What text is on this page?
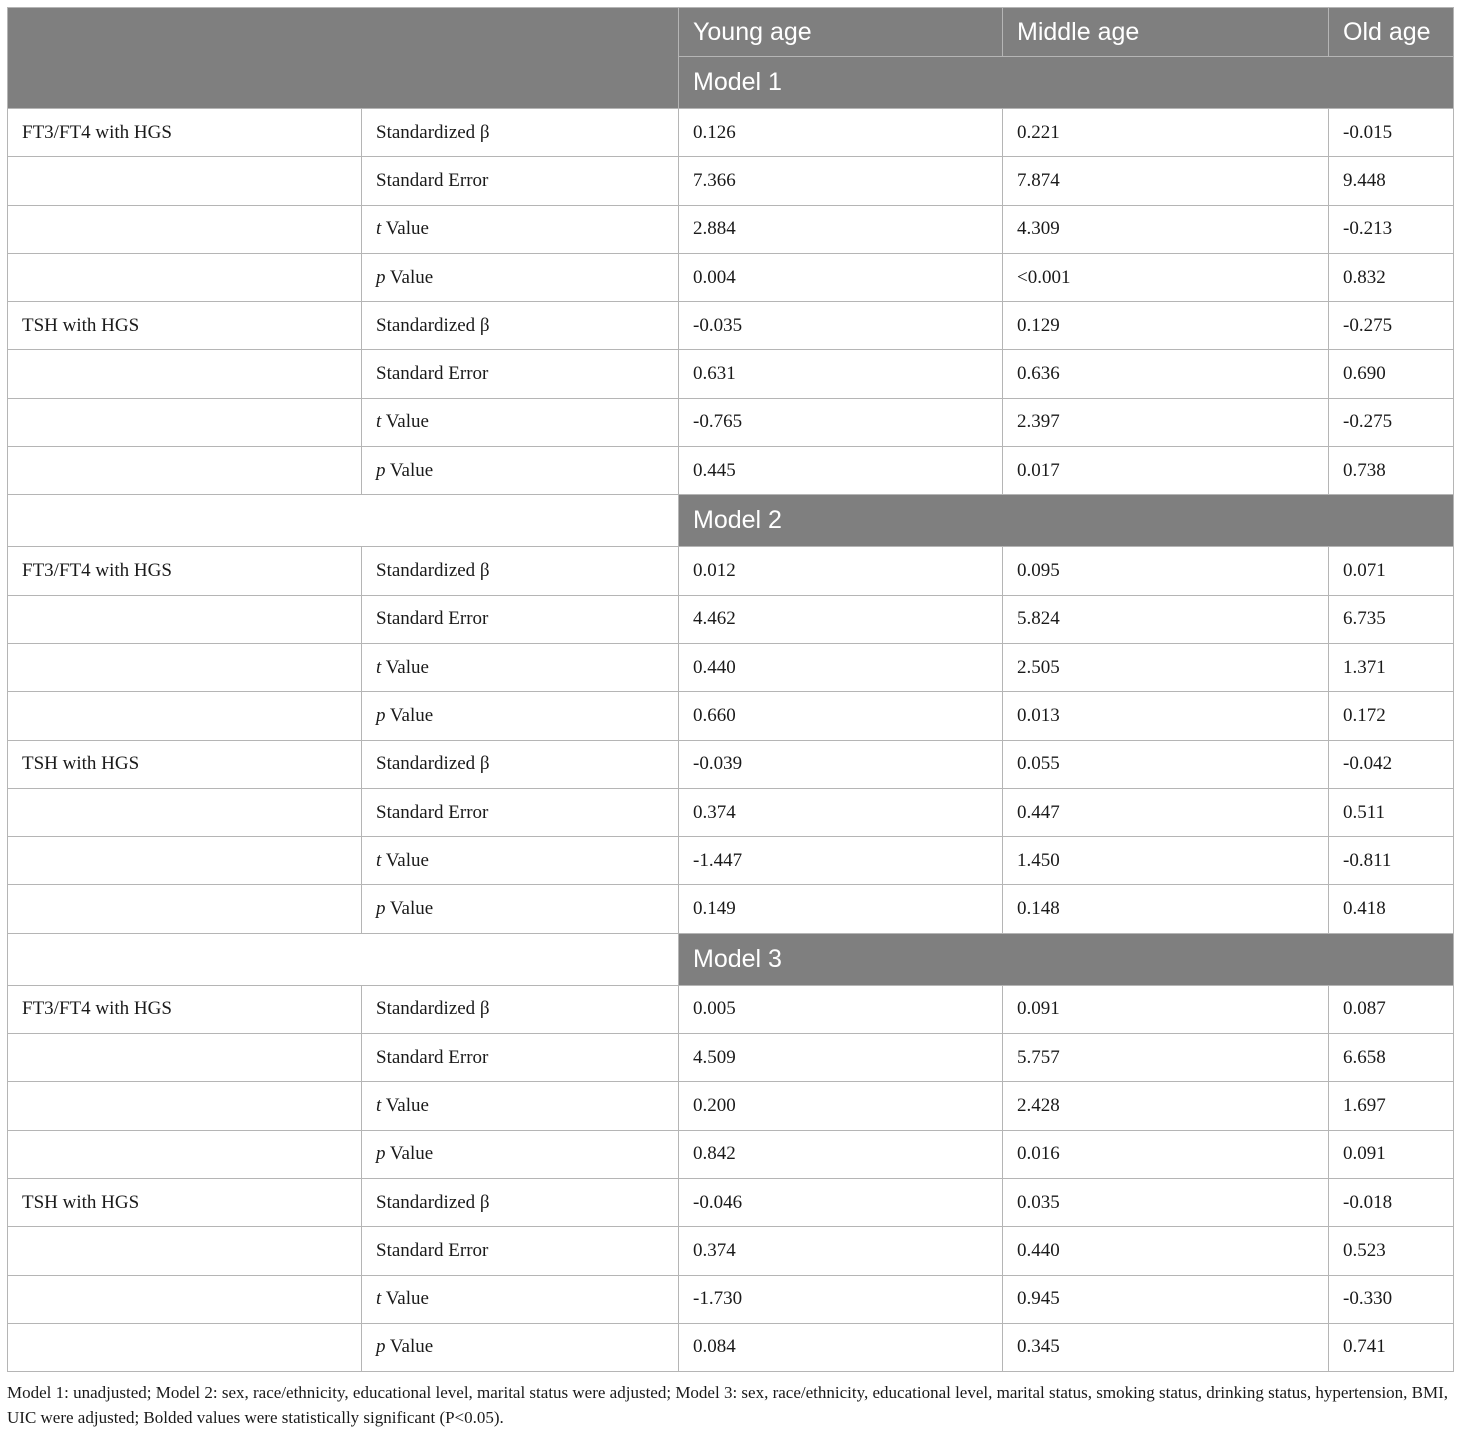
		Young age	Middle age	Old age
		Model 1		
FT3/FT4 with HGS	Standardized β	0.126	0.221	-0.015
	Standard Error	7.366	7.874	9.448
	t Value	2.884	4.309	-0.213
	p Value	0.004	<0.001	0.832
TSH with HGS	Standardized β	-0.035	0.129	-0.275
	Standard Error	0.631	0.636	0.690
	t Value	-0.765	2.397	-0.275
	p Value	0.445	0.017	0.738
		Model 2		
FT3/FT4 with HGS	Standardized β	0.012	0.095	0.071
	Standard Error	4.462	5.824	6.735
	t Value	0.440	2.505	1.371
	p Value	0.660	0.013	0.172
TSH with HGS	Standardized β	-0.039	0.055	-0.042
	Standard Error	0.374	0.447	0.511
	t Value	-1.447	1.450	-0.811
	p Value	0.149	0.148	0.418
		Model 3		
FT3/FT4 with HGS	Standardized β	0.005	0.091	0.087
	Standard Error	4.509	5.757	6.658
	t Value	0.200	2.428	1.697
	p Value	0.842	0.016	0.091
TSH with HGS	Standardized β	-0.046	0.035	-0.018
	Standard Error	0.374	0.440	0.523
	t Value	-1.730	0.945	-0.330
	p Value	0.084	0.345	0.741
Model 1: unadjusted; Model 2: sex, race/ethnicity, educational level, marital status were adjusted; Model 3: sex, race/ethnicity, educational level, marital status, smoking status, drinking status, hypertension, BMI, UIC were adjusted; Bolded values were statistically significant (P<0.05).
